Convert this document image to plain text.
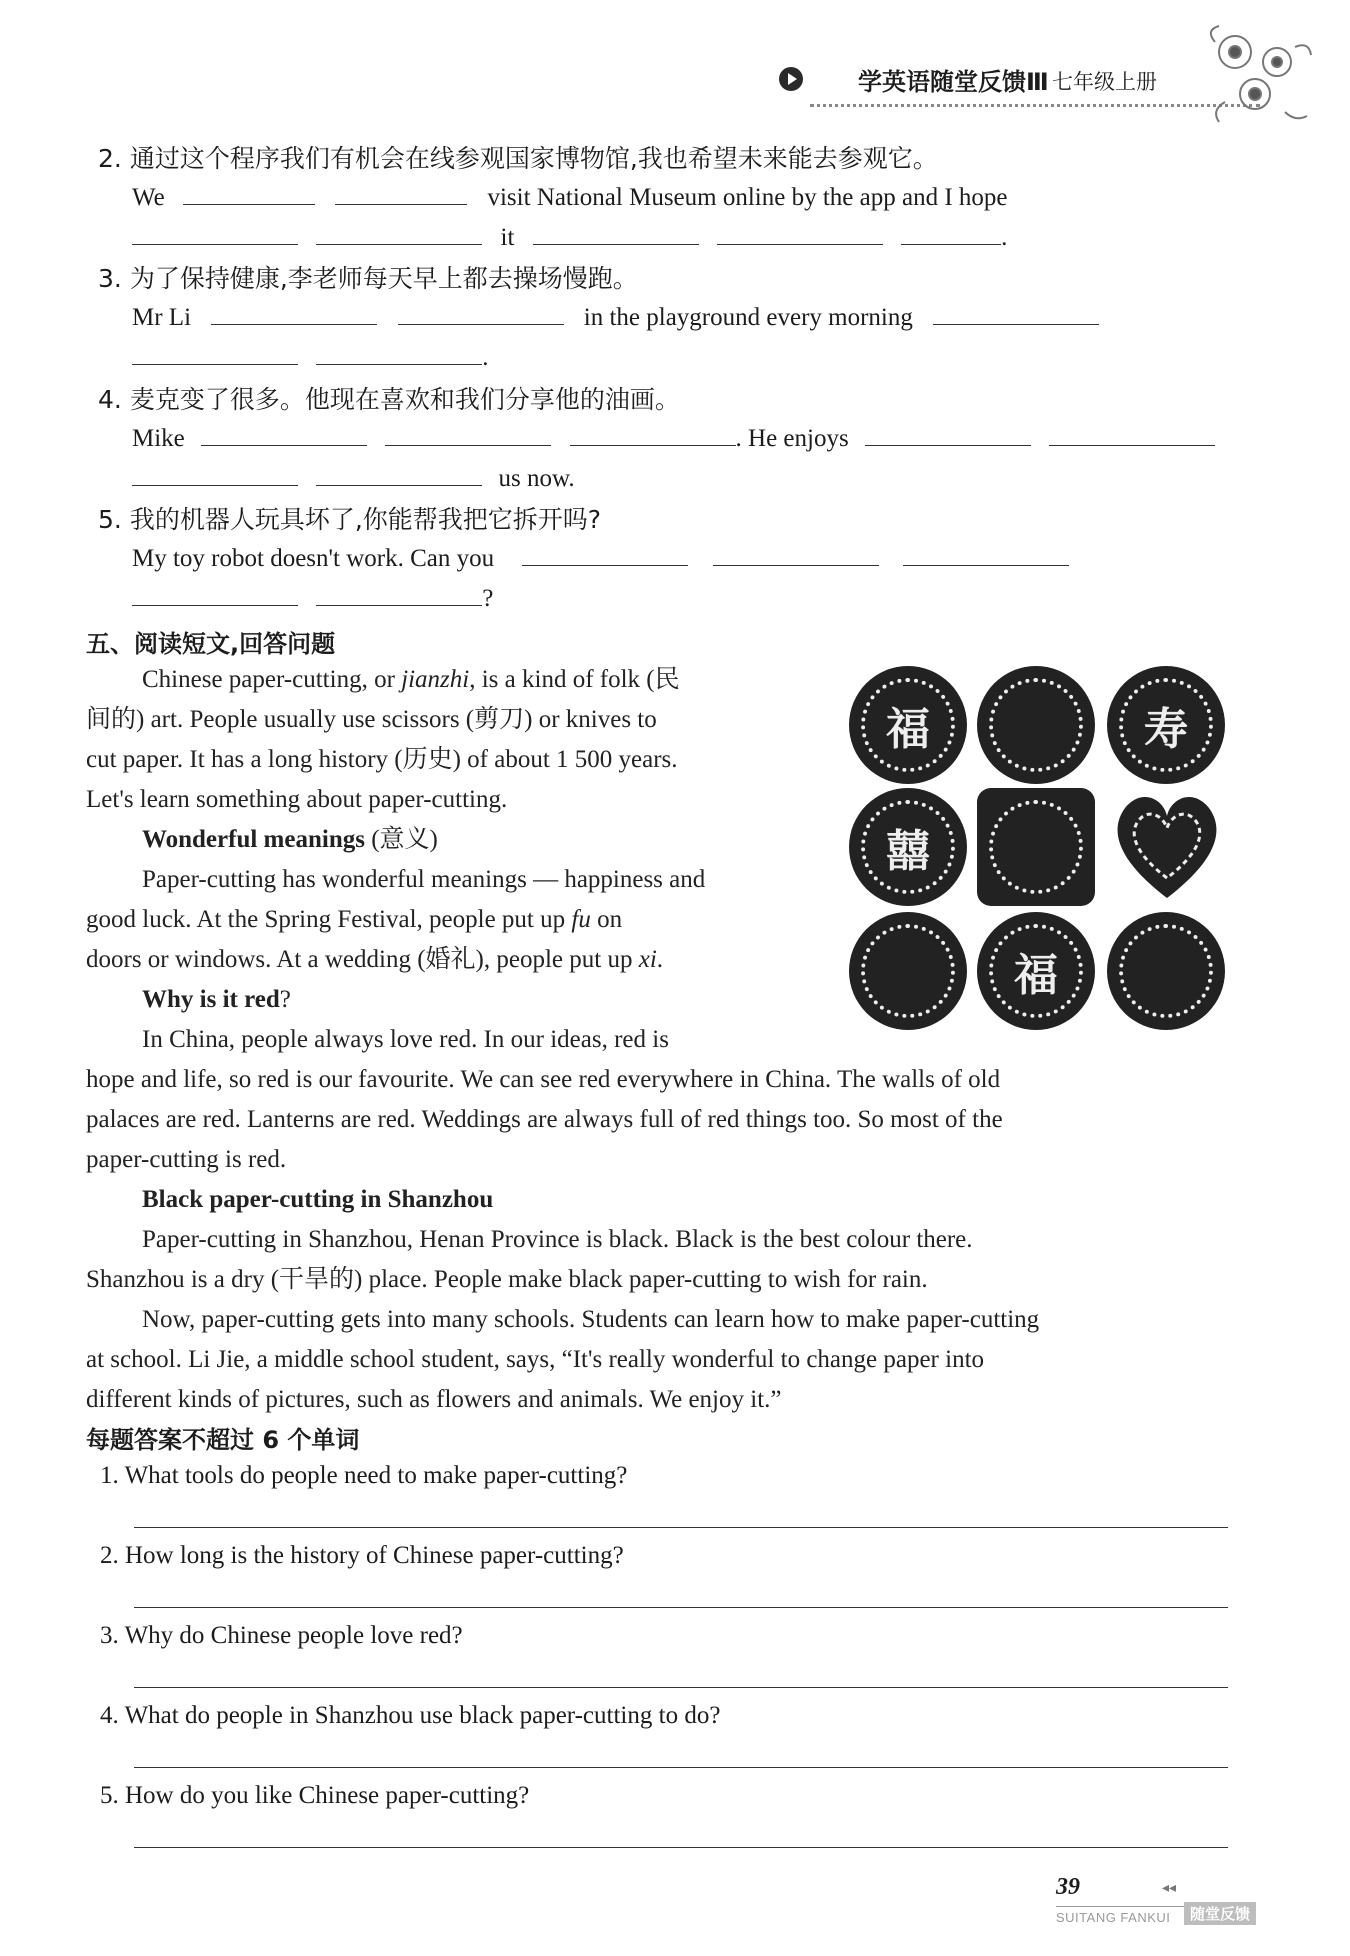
学英语随堂反馈Ⅲ 七年级上册
2. 通过这个程序我们有机会在线参观国家博物馆,我也希望未来能去参观它。
We	visit National Museum online by the app and I hope
it	.
3. 为了保持健康,李老师每天早上都去操场慢跑。
Mr Li	in the playground every morning
.
4. 麦克变了很多。他现在喜欢和我们分享他的油画。
Mike	. He enjoys
us now.
5. 我的机器人玩具坏了,你能帮我把它拆开吗?
My toy robot doesn't work. Can you
?
五、阅读短文,回答问题
Chinese paper-cutting, or jianzhi, is a kind of folk (民
间的) art. People usually use scissors (剪刀) or knives to
cut paper. It has a long history (历史) of about 1 500 years.
Let's learn something about paper-cutting.
Wonderful meanings (意义)
Paper-cutting has wonderful meanings — happiness and
good luck. At the Spring Festival, people put up fu on
doors or windows. At a wedding (婚礼), people put up xi.
Why is it red?
In China, people always love red. In our ideas, red is
hope and life, so red is our favourite. We can see red everywhere in China. The walls of old
palaces are red. Lanterns are red. Weddings are always full of red things too. So most of the
paper-cutting is red.
Black paper-cutting in Shanzhou
Paper-cutting in Shanzhou, Henan Province is black. Black is the best colour there.
Shanzhou is a dry (干旱的) place. People make black paper-cutting to wish for rain.
Now, paper-cutting gets into many schools. Students can learn how to make paper-cutting
at school. Li Jie, a middle school student, says, “It's really wonderful to change paper into
different kinds of pictures, such as flowers and animals. We enjoy it.”
福	寿
囍
福
每题答案不超过 6 个单词
1. What tools do people need to make paper-cutting?
2. How long is the history of Chinese paper-cutting?
3. Why do Chinese people love red?
4. What do people in Shanzhou use black paper-cutting to do?
5. How do you like Chinese paper-cutting?
39	◂◂
SUITANG FANKUI	随堂反馈
